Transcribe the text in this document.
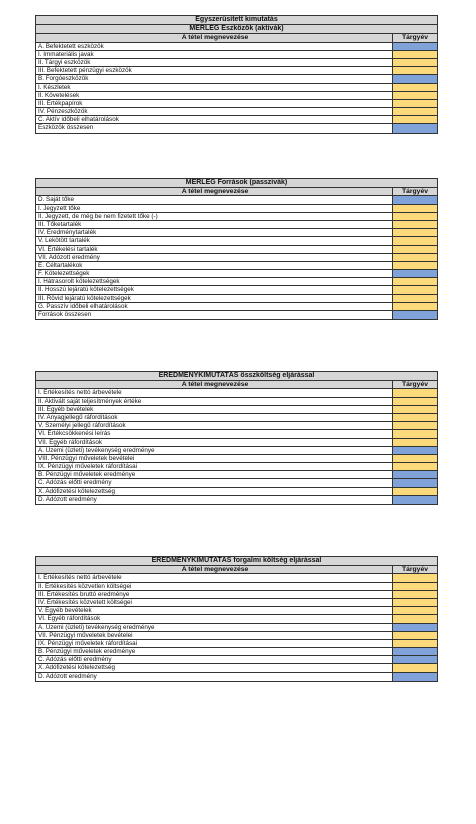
Egyszerűsített kimutatás
MÉRLEG Eszközök (aktívák)
A tétel megnevezése	Tárgyév
A. Befektetett eszközök
I. Immateriális javak
II. Tárgyi eszközök
III. Befektetett pénzügyi eszközök
B. Forgóeszközök
I. Készletek
II. Követelések
III. Értékpapírok
IV. Pénzeszközök
C. Aktív időbeli elhatárolások
Eszközök összesen
MÉRLEG Források (passzívák)
A tétel megnevezése	Tárgyév
D. Saját tőke
I. Jegyzett tőke
II. Jegyzett, de még be nem fizetett tőke (-)
III. Tőketartalék
IV. Eredménytartalék
V. Lekötött tartalék
VI. Értékelési tartalék
VII. Adózott eredmény
E. Céltartalékok
F. Kötelezettségek
I. Hátrasorolt kötelezettségek
II. Hosszú lejáratú kötelezettségek
III. Rövid lejáratú kötelezettségek
G. Passzív időbeli elhatárolások
Források összesen
EREDMÉNYKIMUTATÁS összköltség eljárással
A tétel megnevezése	Tárgyév
I. Értékesítés nettó árbevétele
II. Aktivált saját teljesítmények értéke
III. Egyéb bevételek
IV. Anyagjellegű ráfordítások
V. Személyi jellegű ráfordítások
VI. Értékcsökkenési leírás
VII. Egyéb ráfordítások
A. Üzemi (üzleti) tevékenység eredménye
VIII. Pénzügyi műveletek bevételei
IX. Pénzügyi műveletek ráfordításai
B. Pénzügyi műveletek eredménye
C. Adózás előtti eredmény
X. Adófizetési kötelezettség
D. Adózott eredmény
EREDMÉNYKIMUTATÁS forgalmi költség eljárással
A tétel megnevezése	Tárgyév
I. Értékesítés nettó árbevétele
II. Értékesítés közvetlen költségei
III. Értékesítés bruttó eredménye
IV. Értékesítés közvetett költségei
V. Egyéb bevételek
VI. Egyéb ráfordítások
A. Üzemi (üzleti) tevékenység eredménye
VII. Pénzügyi műveletek bevételei
IX. Pénzügyi műveletek ráfordításai
B. Pénzügyi műveletek eredménye
C. Adózás előtti eredmény
X. Adófizetési kötelezettség
D. Adózott eredmény
